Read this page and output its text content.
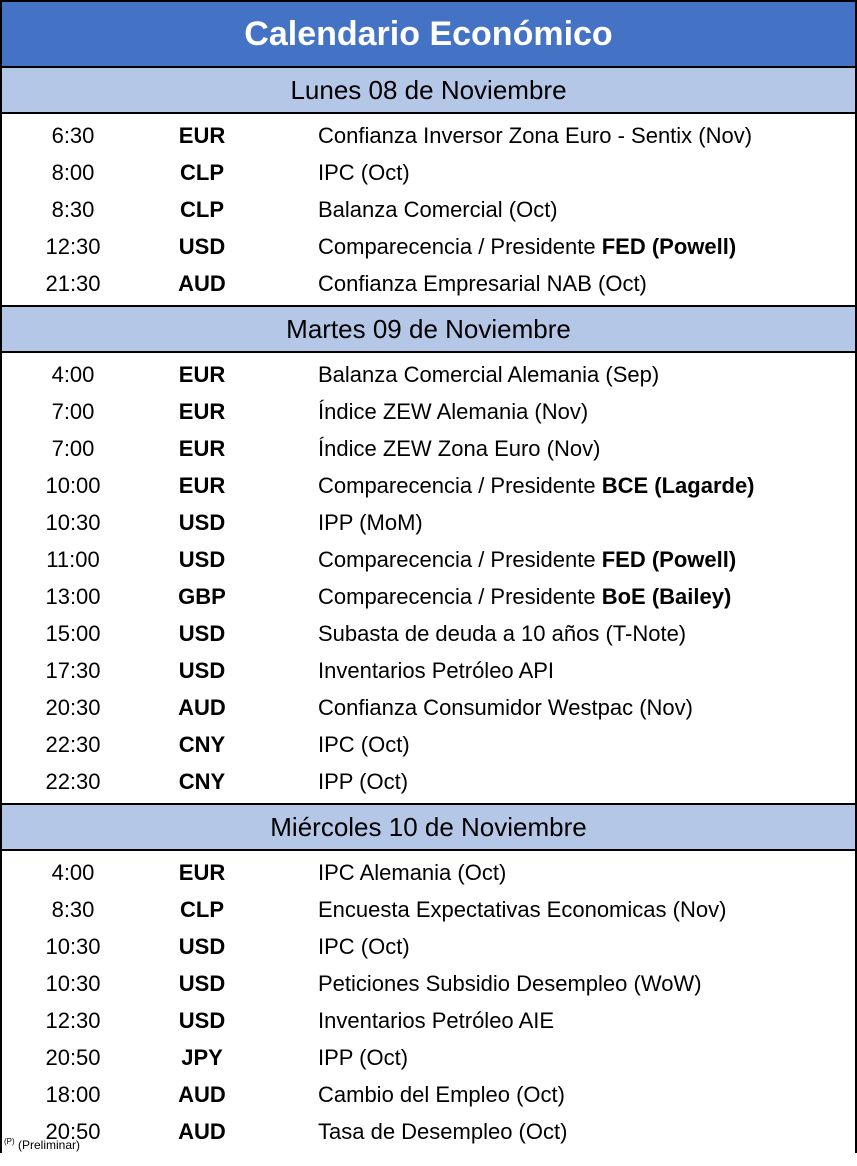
Calendario Económico
Lunes 08 de Noviembre
6:30	EUR	Confianza Inversor Zona Euro - Sentix (Nov)
8:00	CLP	IPC (Oct)
8:30	CLP	Balanza Comercial (Oct)
12:30	USD	Comparecencia / Presidente FED (Powell)
21:30	AUD	Confianza Empresarial NAB (Oct)
Martes 09 de Noviembre
4:00	EUR	Balanza Comercial Alemania (Sep)
7:00	EUR	Índice ZEW Alemania (Nov)
7:00	EUR	Índice ZEW Zona Euro (Nov)
10:00	EUR	Comparecencia / Presidente BCE (Lagarde)
10:30	USD	IPP (MoM)
11:00	USD	Comparecencia / Presidente FED (Powell)
13:00	GBP	Comparecencia / Presidente BoE (Bailey)
15:00	USD	Subasta de deuda a 10 años (T-Note)
17:30	USD	Inventarios Petróleo API
20:30	AUD	Confianza Consumidor Westpac (Nov)
22:30	CNY	IPC (Oct)
22:30	CNY	IPP (Oct)
Miércoles 10 de Noviembre
4:00	EUR	IPC Alemania (Oct)
8:30	CLP	Encuesta Expectativas Economicas (Nov)
10:30	USD	IPC (Oct)
10:30	USD	Peticiones Subsidio Desempleo (WoW)
12:30	USD	Inventarios Petróleo AIE
20:50	JPY	IPP (Oct)
18:00	AUD	Cambio del Empleo (Oct)
20:50	AUD	Tasa de Desempleo (Oct)
$^{(P)}$ (Preliminar)
